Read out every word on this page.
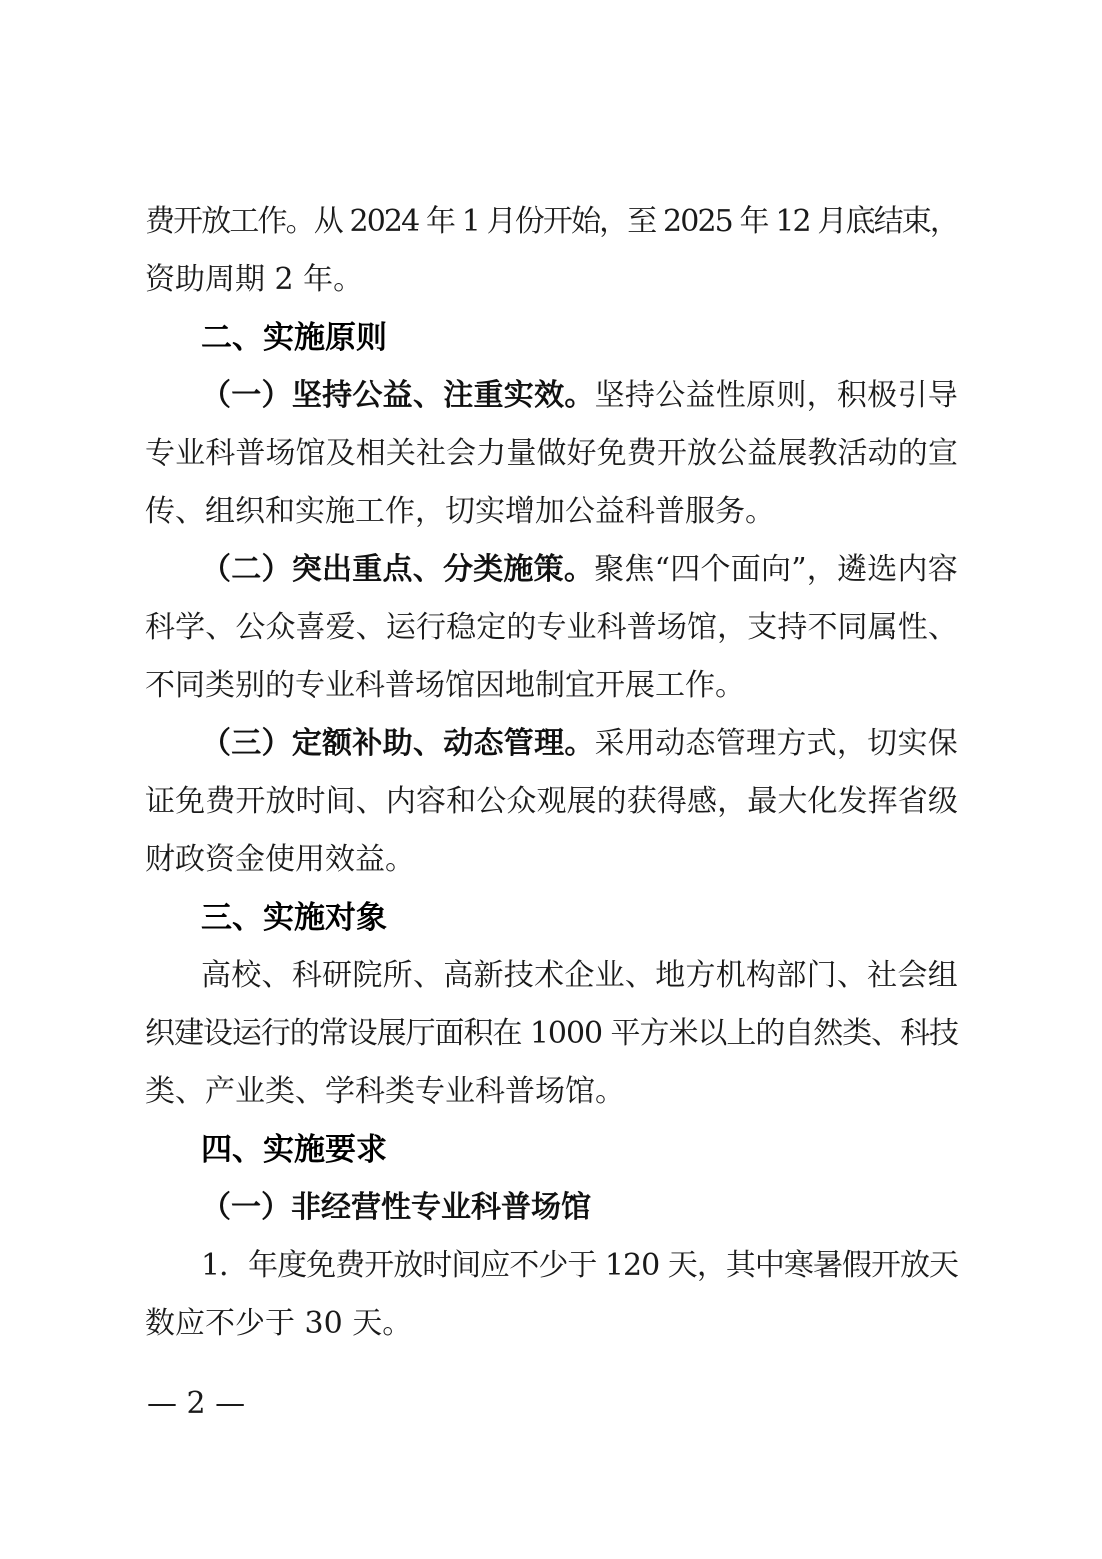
费开放工作。从 2024 年 1 月份开始，至 2025 年 12 月底结束，
资助周期 2 年。
二、实施原则
（一）坚持公益、注重实效。坚持公益性原则，积极引导
专业科普场馆及相关社会力量做好免费开放公益展教活动的宣
传、组织和实施工作，切实增加公益科普服务。
（二）突出重点、分类施策。聚焦“四个面向”，遴选内容
科学、公众喜爱、运行稳定的专业科普场馆，支持不同属性、
不同类别的专业科普场馆因地制宜开展工作。
（三）定额补助、动态管理。采用动态管理方式，切实保
证免费开放时间、内容和公众观展的获得感，最大化发挥省级
财政资金使用效益。
三、实施对象
高校、科研院所、高新技术企业、地方机构部门、社会组
织建设运行的常设展厅面积在 1000 平方米以上的自然类、科技
类、产业类、学科类专业科普场馆。
四、实施要求
（一）非经营性专业科普场馆
1．年度免费开放时间应不少于 120 天，其中寒暑假开放天
数应不少于 30 天。
— 2 —
